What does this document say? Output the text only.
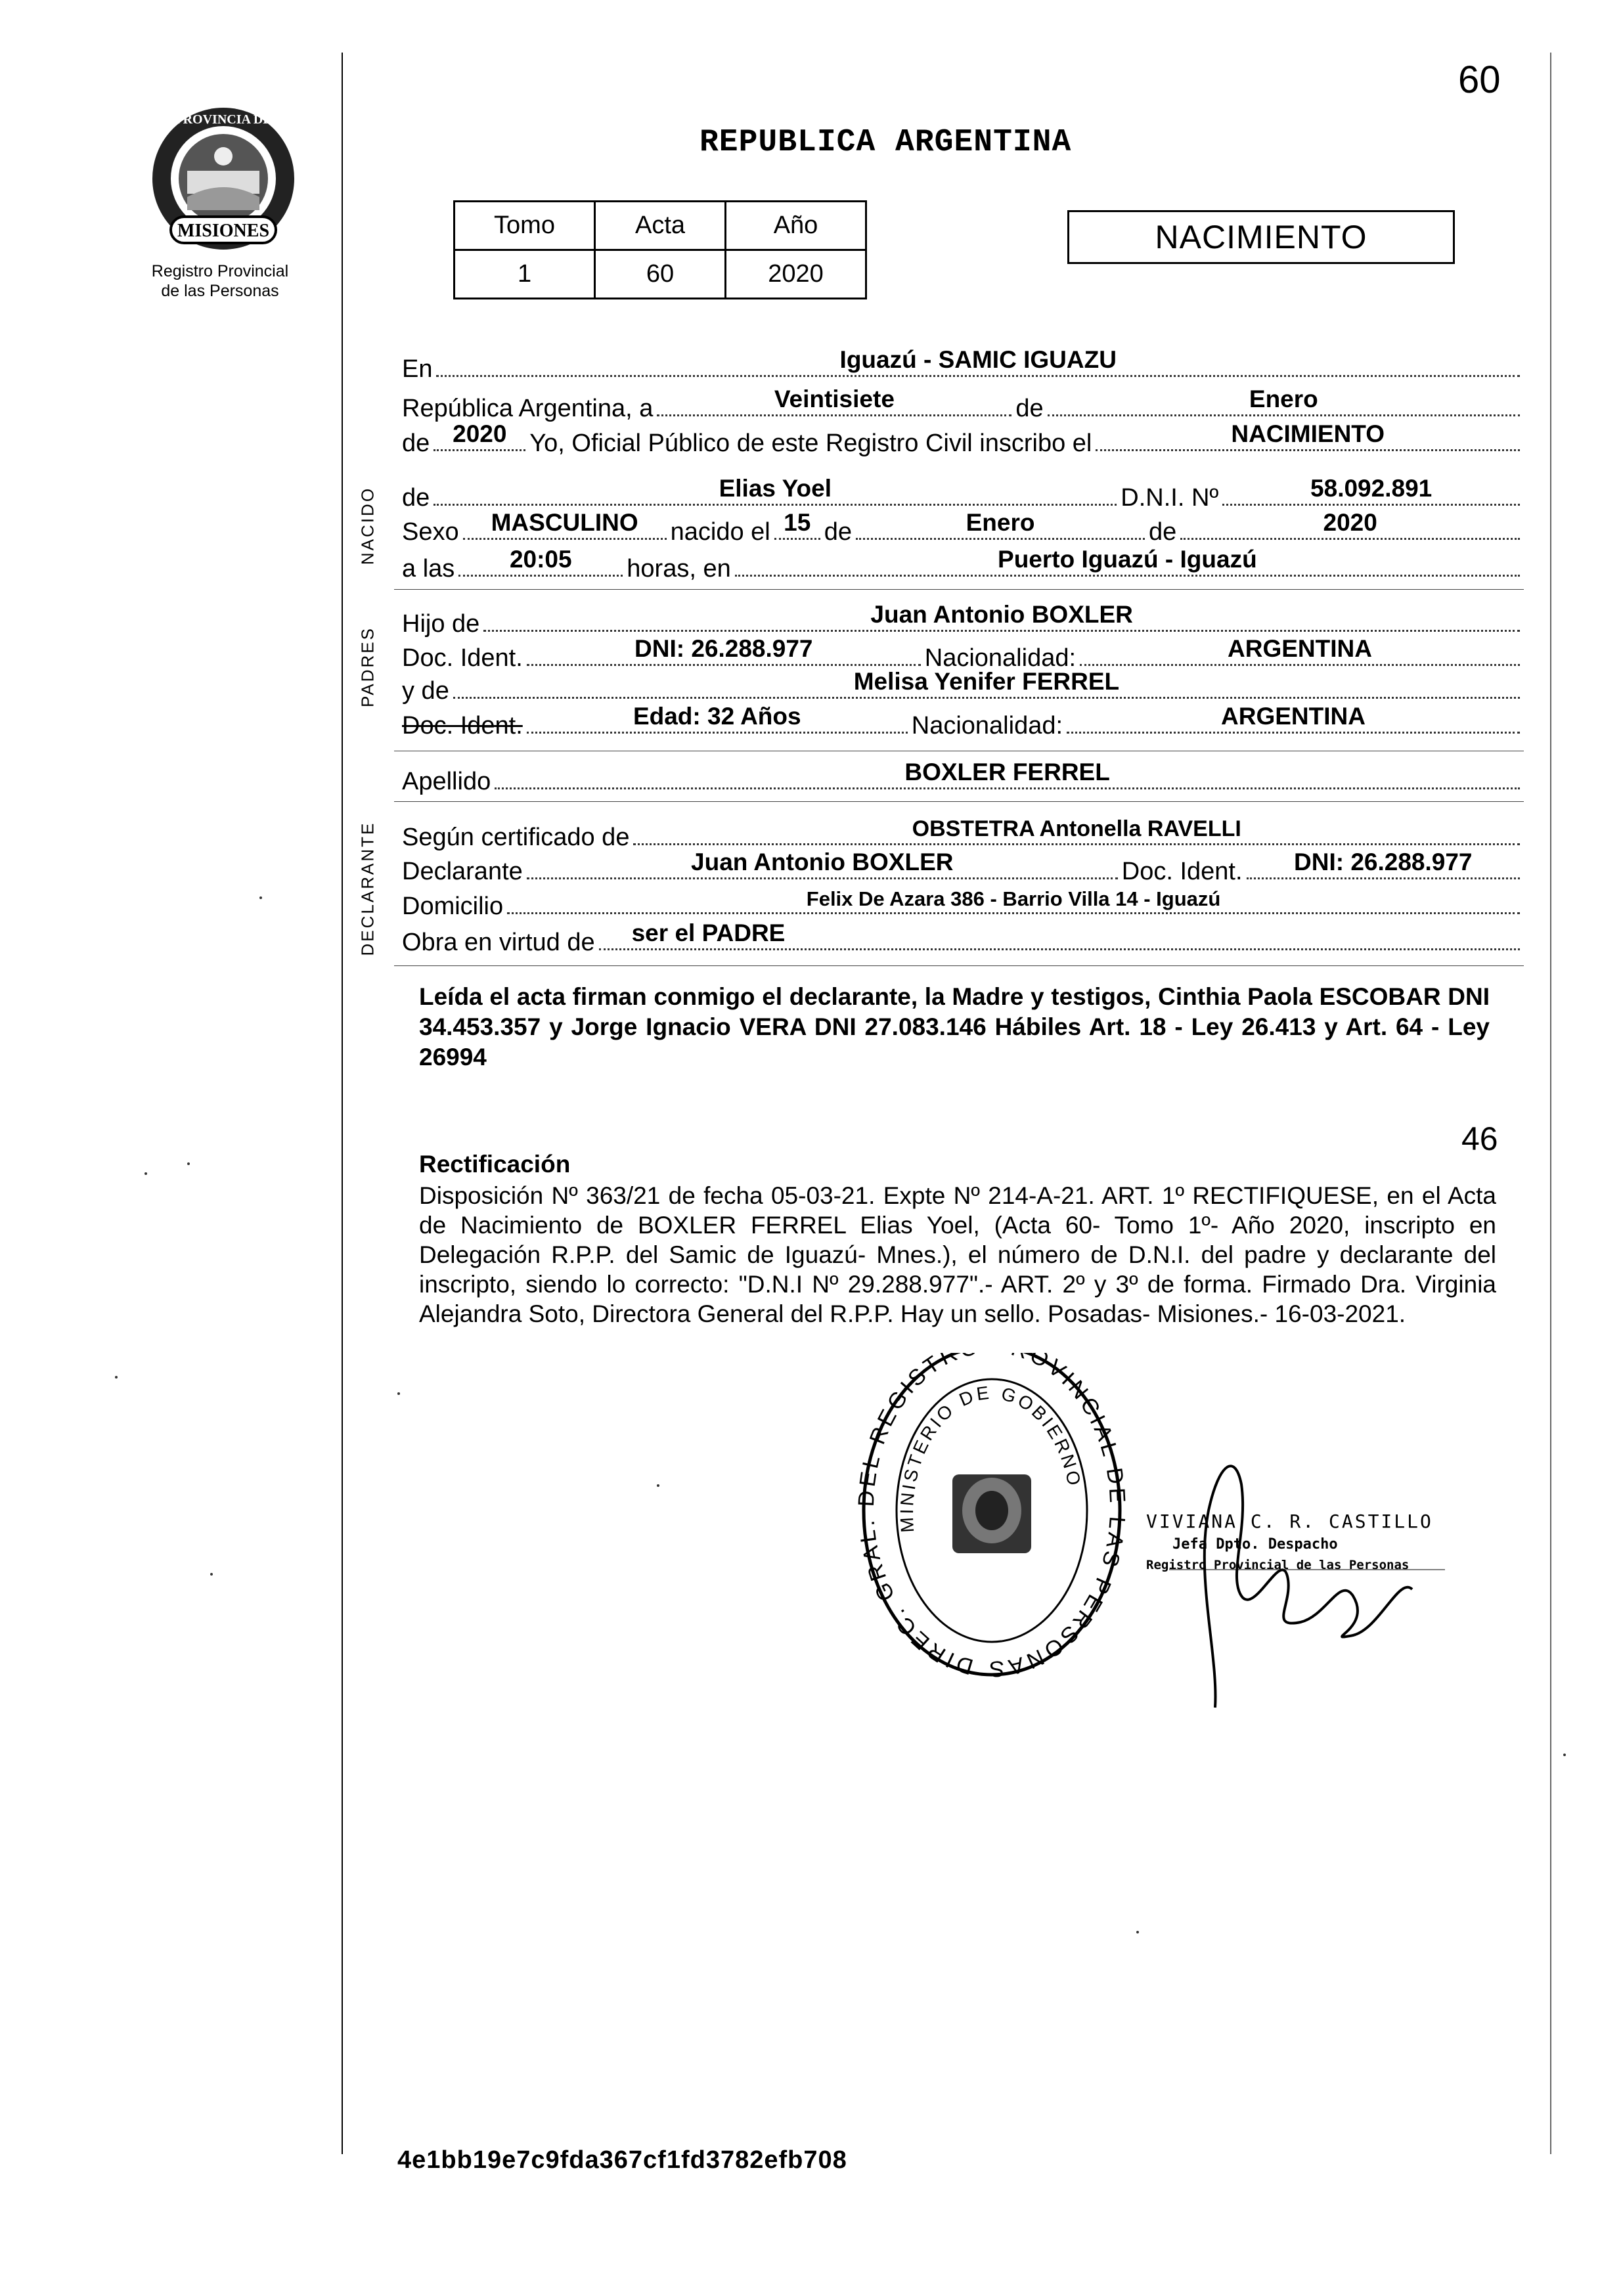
60
MISIONES
PROVINCIA DE
Registro Provincial
de las Personas
REPUBLICA ARGENTINA
Tomo	Acta	Año
1	60	2020
NACIMIENTO
NACIDO
PADRES
DECLARANTE
En	Iguazú - SAMIC IGUAZU
República Argentina, a	Veintisiete	de	Enero
de 2020 Yo, Oficial Público de este Registro Civil inscribo el	NACIMIENTO
de	Elias Yoel	D.N.I. Nº	58.092.891
Sexo	MASCULINO	nacido el 15 de	Enero	de	2020
a las	20:05	horas, en	Puerto Iguazú - Iguazú
Hijo de	Juan Antonio BOXLER
Doc. Ident.	DNI: 26.288.977	Nacionalidad:	ARGENTINA
y de	Melisa Yenifer FERREL
Doc. Ident.	Edad: 32 Años	Nacionalidad:	ARGENTINA
Apellido	BOXLER FERREL
Según certificado de	OBSTETRA Antonella RAVELLI
Declarante	Juan Antonio BOXLER	Doc. Ident.	DNI: 26.288.977
Domicilio	Felix De Azara 386 - Barrio Villa 14 - Iguazú
Obra en virtud de ser el PADRE
Leída el acta firman conmigo el declarante, la Madre y testigos, Cinthia Paola ESCOBAR DNI 34.453.357 y Jorge Ignacio VERA DNI 27.083.146 Hábiles Art. 18 - Ley 26.413 y Art. 64 - Ley 26994
46
Rectificación
Disposición Nº 363/21 de fecha 05-03-21. Expte Nº 214-A-21. ART. 1º RECTIFIQUESE, en el Acta de Nacimiento de BOXLER FERREL Elias Yoel, (Acta 60- Tomo 1º- Año 2020, inscripto en Delegación R.P.P. del Samic de Iguazú- Mnes.), el número de D.N.I. del padre y declarante del inscripto, siendo lo correcto: "D.N.I Nº 29.288.977".- ART. 2º y 3º de forma. Firmado Dra. Virginia Alejandra Soto, Directora General del R.P.P. Hay un sello. Posadas- Misiones.- 16-03-2021.
DIREC. GRAL. DEL REGISTR OVINCIAL DE LAS PERSONAS
MINISTERIO DE GOBIERNO
VIVIANA C. R. CASTILLO
Jefa Dpto. Despacho
Registro Provincial de las Personas
4e1bb19e7c9fda367cf1fd3782efb708
